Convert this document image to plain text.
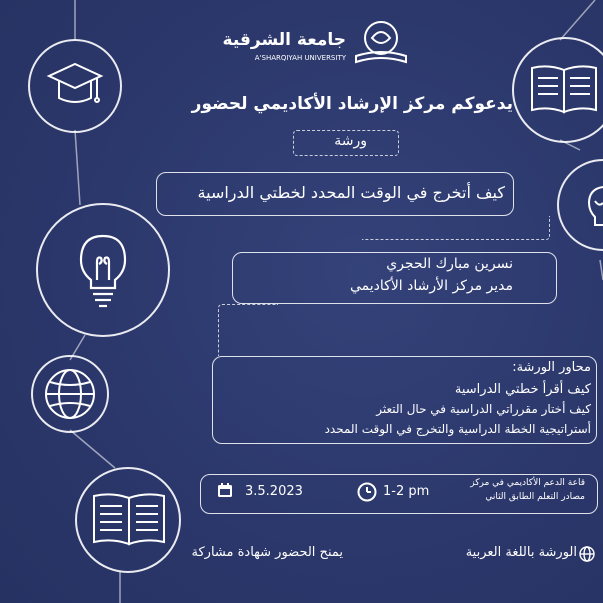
جامعة الشرقية
A'SHARQIYAH UNIVERSITY
يدعوكم مركز الإرشاد الأكاديمي لحضور
ورشة
كيف أتخرج في الوقت المحدد لخطتي الدراسية
نسرين مبارك الحجري
مدير مركز الأرشاد الأكاديمي
محاور الورشة:
كيف أقرأ خطتي الدراسية
كيف أختار مقرراتي الدراسية في حال التعثر
أستراتيجية الخطة الدراسية والتخرج في الوقت المحدد
3.5.2023	1-2 pm
قاعة الدعم الأكاديمي في مركز
مصادر التعلم الطابق الثاني
يمنح الحضور شهادة مشاركة	الورشة باللغة العربية
